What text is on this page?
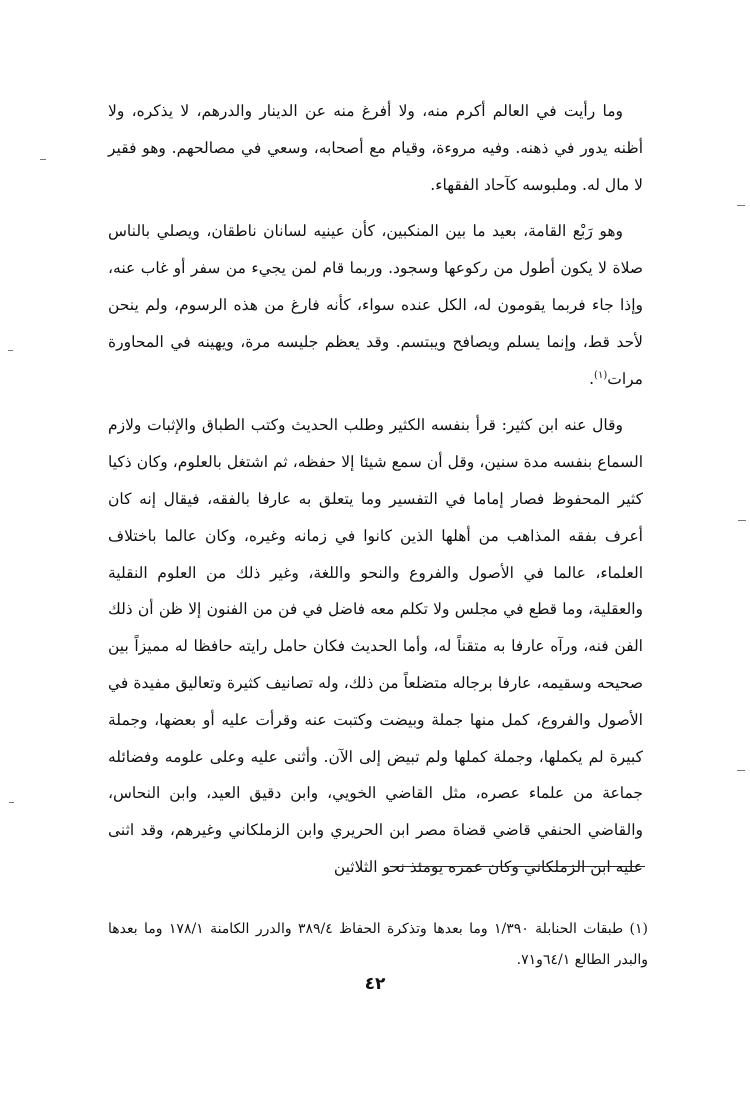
وما رأيت في العالم أكرم منه، ولا أفرغ منه عن الدينار والدرهم، لا يذكره، ولا أظنه يدور في ذهنه. وفيه مروءة، وقيام مع أصحابه، وسعي في مصالحهم. وهو فقير لا مال له. وملبوسه كآحاد الفقهاء.

وهو رَبْع القامة، بعيد ما بين المنكبين، كأن عينيه لسانان ناطقان، ويصلي بالناس صلاة لا يكون أطول من ركوعها وسجود. وربما قام لمن يجيء من سفر أو غاب عنه، وإذا جاء فربما يقومون له، الكل عنده سواء، كأنه فارغ من هذه الرسوم، ولم ينحن لأحد قط، وإنما يسلم ويصافح ويبتسم. وقد يعظم جليسه مرة، ويهينه في المحاورة مرات$^{(١)}$.

وقال عنه ابن كثير: قرأ بنفسه الكثير وطلب الحديث وكتب الطباق والإثبات ولازم السماع بنفسه مدة سنين، وقل أن سمع شيئا إلا حفظه، ثم اشتغل بالعلوم، وكان ذكيا كثير المحفوظ فصار إماما في التفسير وما يتعلق به عارفا بالفقه، فيقال إنه كان أعرف بفقه المذاهب من أهلها الذين كانوا في زمانه وغيره، وكان عالما باختلاف العلماء، عالما في الأصول والفروع والنحو واللغة، وغير ذلك من العلوم النقلية والعقلية، وما قطع في مجلس ولا تكلم معه فاضل في فن من الفنون إلا ظن أن ذلك الفن فنه، ورآه عارفا به متقناً له، وأما الحديث فكان حامل رايته حافظا له مميزاً بين صحيحه وسقيمه، عارفا برجاله متضلعاً من ذلك، وله تصانيف كثيرة وتعاليق مفيدة في الأصول والفروع، كمل منها جملة وبيضت وكتبت عنه وقرأت عليه أو بعضها، وجملة كبيرة لم يكملها، وجملة كملها ولم تبيض إلى الآن. وأثنى عليه وعلى علومه وفضائله جماعة من علماء عصره، مثل القاضي الخويي، وابن دقيق العيد، وابن النحاس، والقاضي الحنفي قاضي قضاة مصر ابن الحريري وابن الزملكاني وغيرهم، وقد اثنى عليه ابن الزملكاني وكان عمره يومئذ نحو الثلاثين

(١) طبقات الحنابلة ١/٣٩٠ وما بعدها وتذكرة الحفاظ ٣٨٩/٤ والدرر الكامنة ١٧٨/١ وما بعدها والبدر الطالع ٦٤/١و٧١.

٤٢
